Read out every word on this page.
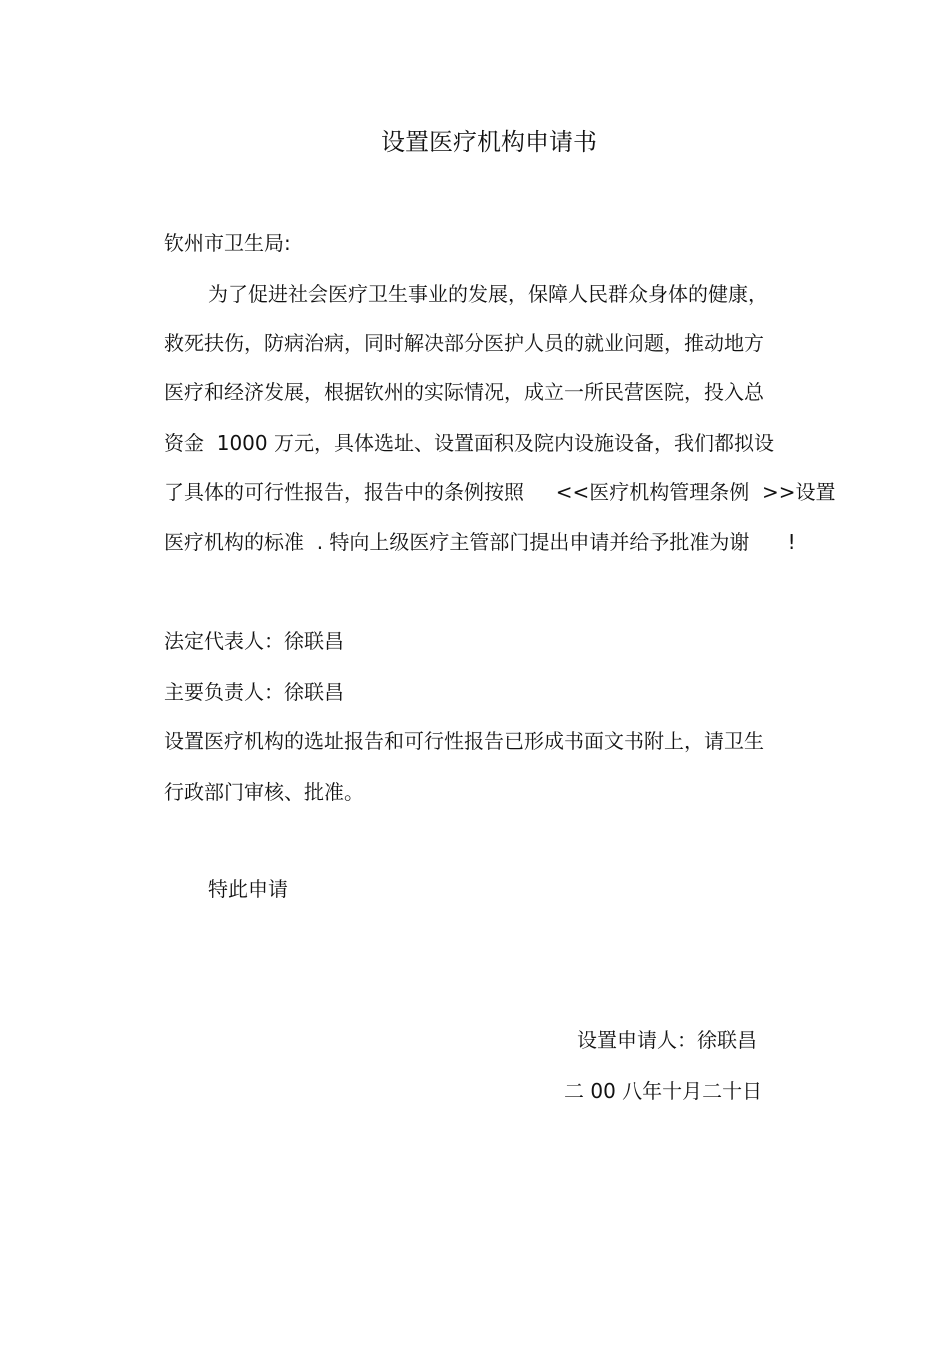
设置医疗机构申请书
钦州市卫生局:
为了促进社会医疗卫生事业的发展，保障人民群众身体的健康，
救死扶伤，防病治病，同时解决部分医护人员的就业问题，推动地方
医疗和经济发展，根据钦州的实际情况，成立一所民营医院，投入总
资金  1000 万元，具体选址、设置面积及院内设施设备，我们都拟设
了具体的可行性报告，报告中的条例按照     <<医疗机构管理条例  >>设置
医疗机构的标准  . 特向上级医疗主管部门提出申请并给予批准为谢      !
法定代表人：徐联昌
主要负责人：徐联昌
设置医疗机构的选址报告和可行性报告已形成书面文书附上，请卫生
行政部门审核、批准。
特此申请
设置申请人：徐联昌
二 00 八年十月二十日
